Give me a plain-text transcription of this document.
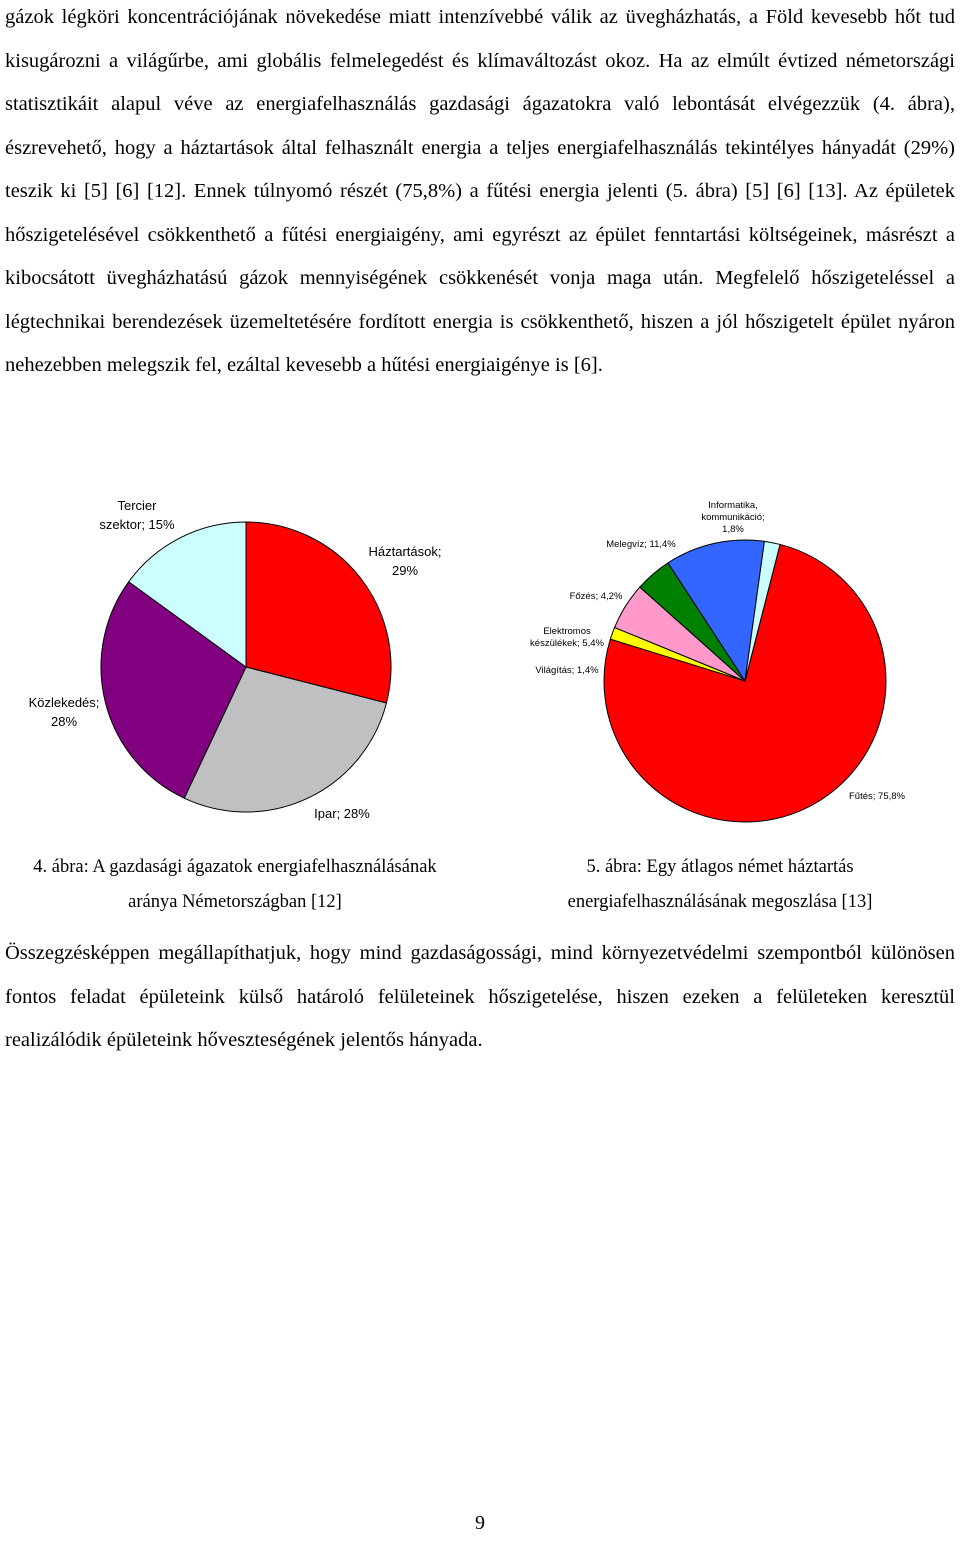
gázok légköri koncentrációjának növekedése miatt intenzívebbé válik az üvegházhatás, a Föld kevesebb hőt tud kisugározni a világűrbe, ami globális felmelegedést és klímaváltozást okoz. Ha az elmúlt évtized németországi statisztikáit alapul véve az energiafelhasználás gazdasági ágazatokra való lebontását elvégezzük (4. ábra), észrevehető, hogy a háztartások által felhasznált energia a teljes energiafelhasználás tekintélyes hányadát (29%) teszik ki [5] [6] [12]. Ennek túlnyomó részét (75,8%) a fűtési energia jelenti (5. ábra) [5] [6] [13]. Az épületek hőszigetelésével csökkenthető a fűtési energiaigény, ami egyrészt az épület fenntartási költségeinek, másrészt a kibocsátott üvegházhatású gázok mennyiségének csökkenését vonja maga után. Megfelelő hőszigeteléssel a légtechnikai berendezések üzemeltetésére fordított energia is csökkenthető, hiszen a jól hőszigetelt épület nyáron nehezebben melegszik fel, ezáltal kevesebb a hűtési energiaigénye is [6].

Háztartások; 29%
Ipar; 28%
Közlekedés; 28%
Tercier szektor; 15%
Fűtés; 75,8%
Világítás; 1,4%
Elektromos készülékek; 5,4%
Főzés; 4,2%
Melegvíz; 11,4%
Informatika, kommunikáció; 1,8%
4. ábra: A gazdasági ágazatok energiafelhasználásának
aránya Németországban [12]
5. ábra: Egy átlagos német háztartás
energiafelhasználásának megoszlása [13]

Összegzésképpen megállapíthatjuk, hogy mind gazdaságossági, mind környezetvédelmi szempontból különösen fontos feladat épületeink külső határoló felületeinek hőszigetelése, hiszen ezeken a felületeken keresztül realizálódik épületeink hőveszteségének jelentős hányada.

9
